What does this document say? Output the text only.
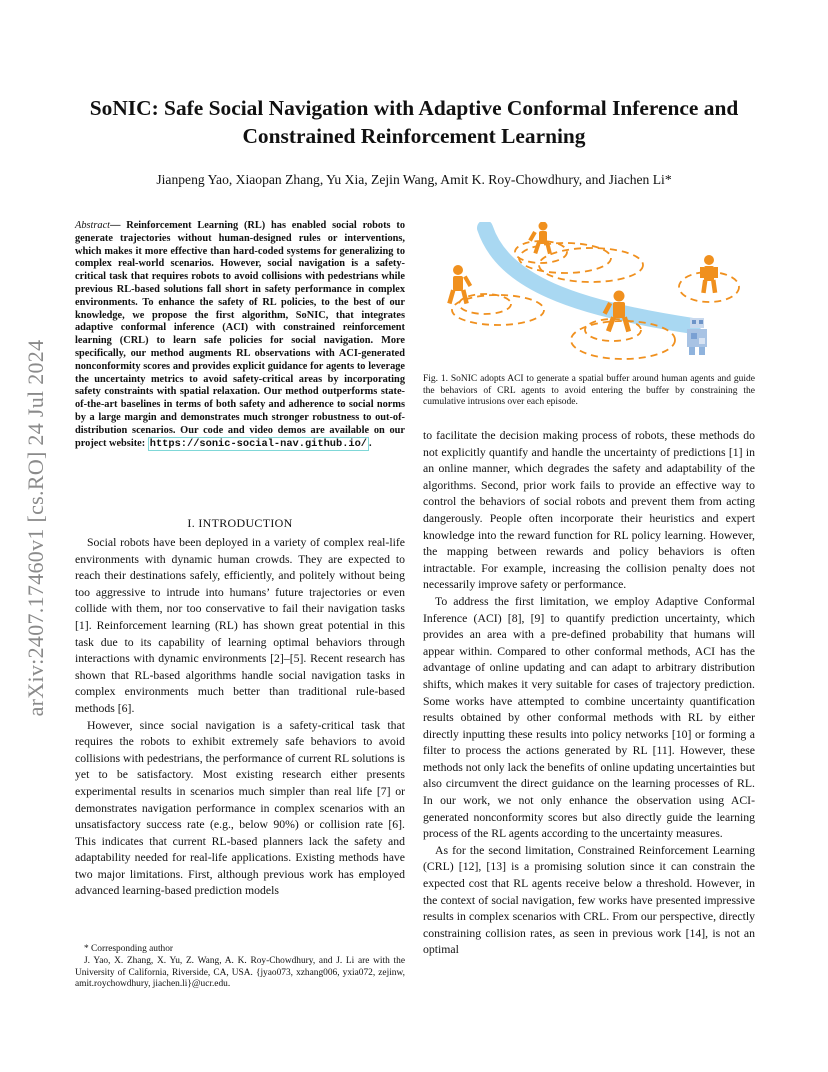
arXiv:2407.17460v1 [cs.RO] 24 Jul 2024
SoNIC: Safe Social Navigation with Adaptive Conformal Inference and
Constrained Reinforcement Learning
Jianpeng Yao, Xiaopan Zhang, Yu Xia, Zejin Wang, Amit K. Roy-Chowdhury, and Jiachen Li*
Abstract— Reinforcement Learning (RL) has enabled social robots to generate trajectories without human-designed rules or interventions, which makes it more effective than hard-coded systems for generalizing to complex real-world scenarios. However, social navigation is a safety-critical task that requires robots to avoid collisions with pedestrians while previous RL-based solutions fall short in safety performance in complex environments. To enhance the safety of RL policies, to the best of our knowledge, we propose the first algorithm, SoNIC, that integrates adaptive conformal inference (ACI) with constrained reinforcement learning (CRL) to learn safe policies for social navigation. More specifically, our method augments RL observations with ACI-generated nonconformity scores and provides explicit guidance for agents to leverage the uncertainty metrics to avoid safety-critical areas by incorporating safety constraints with spatial relaxation. Our method outperforms state-of-the-art baselines in terms of both safety and adherence to social norms by a large margin and demonstrates much stronger robustness to out-of-distribution scenarios. Our code and video demos are available on our project website: https://sonic-social-nav.github.io/ .
I. INTRODUCTION

Social robots have been deployed in a variety of complex real-life environments with dynamic human crowds. They are expected to reach their destinations safely, efficiently, and politely without being too aggressive to intrude into humans’ future trajectories or even collide with them, nor too conservative to fail their navigation tasks [1]. Reinforcement learning (RL) has shown great potential in this task due to its capability of learning optimal behaviors through interactions with dynamic environments [2]–[5]. Recent research has shown that RL-based algorithms handle social navigation tasks in complex environments much better than traditional rule-based methods [6].

However, since social navigation is a safety-critical task that requires the robots to exhibit extremely safe behaviors to avoid collisions with pedestrians, the performance of current RL solutions is yet to be satisfactory. Most existing research either presents experimental results in scenarios much simpler than real life [7] or demonstrates navigation performance in complex scenarios with an unsatisfactory success rate (e.g., below 90%) or collision rate [6]. This indicates that current RL-based planners lack the safety and adaptability needed for real-life applications. Existing methods have two major limitations. First, although previous work has employed advanced learning-based prediction models

* Corresponding author

J. Yao, X. Zhang, X. Yu, Z. Wang, A. K. Roy-Chowdhury, and J. Li are with the University of California, Riverside, CA, USA. {jyao073, xzhang006, yxia072, zejinw, amit.roychowdhury, jiachen.li}@ucr.edu.

Fig. 1. SoNIC adopts ACI to generate a spatial buffer around human agents and guide the behaviors of CRL agents to avoid entering the buffer by constraining the cumulative intrusions over each episode.

to facilitate the decision making process of robots, these methods do not explicitly quantify and handle the uncertainty of predictions [1] in an online manner, which degrades the safety and adaptability of the algorithms. Second, prior work fails to provide an effective way to control the behaviors of social robots and prevent them from acting dangerously. People often incorporate their heuristics and expert knowledge into the reward function for RL policy learning. However, the mapping between rewards and policy behaviors is often intractable. For example, increasing the collision penalty does not necessarily improve safety or performance.

To address the first limitation, we employ Adaptive Conformal Inference (ACI) [8], [9] to quantify prediction uncertainty, which provides an area with a pre-defined probability that humans will appear within. Compared to other conformal methods, ACI has the advantage of online updating and can adapt to arbitrary distribution shifts, which makes it very suitable for cases of trajectory prediction. Some works have attempted to combine uncertainty quantification results obtained by other conformal methods with RL by either directly inputting these results into policy networks [10] or forming a filter to process the actions generated by RL [11]. However, these methods not only lack the benefits of online updating uncertainties but also circumvent the direct guidance on the learning processes of RL. In our work, we not only enhance the observation using ACI-generated nonconformity scores but also directly guide the learning process of the RL agents according to the uncertainty measures.

As for the second limitation, Constrained Reinforcement Learning (CRL) [12], [13] is a promising solution since it can constrain the expected cost that RL agents receive below a threshold. However, in the context of social navigation, few works have presented impressive results in complex scenarios with CRL. From our perspective, directly constraining collision rates, as seen in previous work [14], is not an optimal
